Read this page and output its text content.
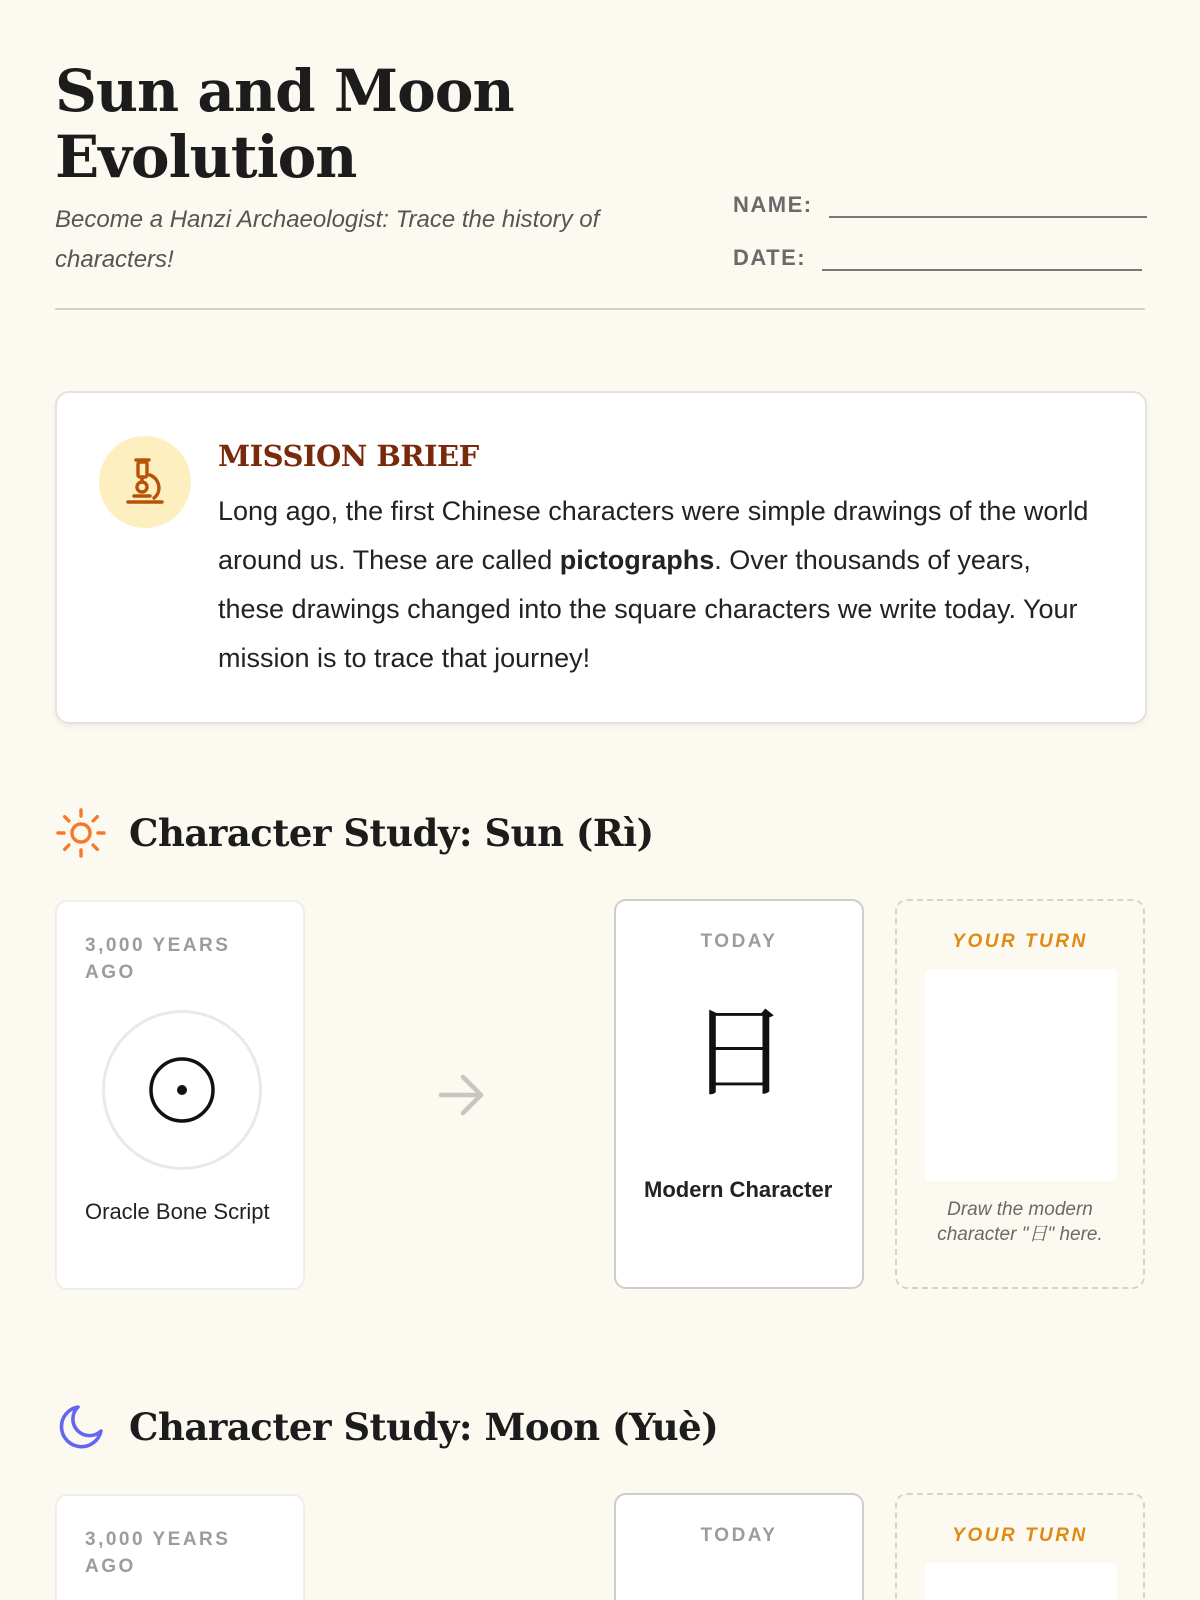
Sun and Moon Evolution

Become a Hanzi Archaeologist: Trace the history of characters!

NAME:
DATE:
MISSION BRIEF

Long ago, the first Chinese characters were simple drawings of the world around us. These are called pictographs. Over thousands of years, these drawings changed into the square characters we write today. Your mission is to trace that journey!

Character Study: Sun (Rì)
3,000 YEARS AGO
Oracle Bone Script
TODAY
日
Modern Character
YOUR TURN
Draw the modern character "日" here.
Character Study: Moon (Yuè)
3,000 YEARS AGO
TODAY	YOUR TURN
